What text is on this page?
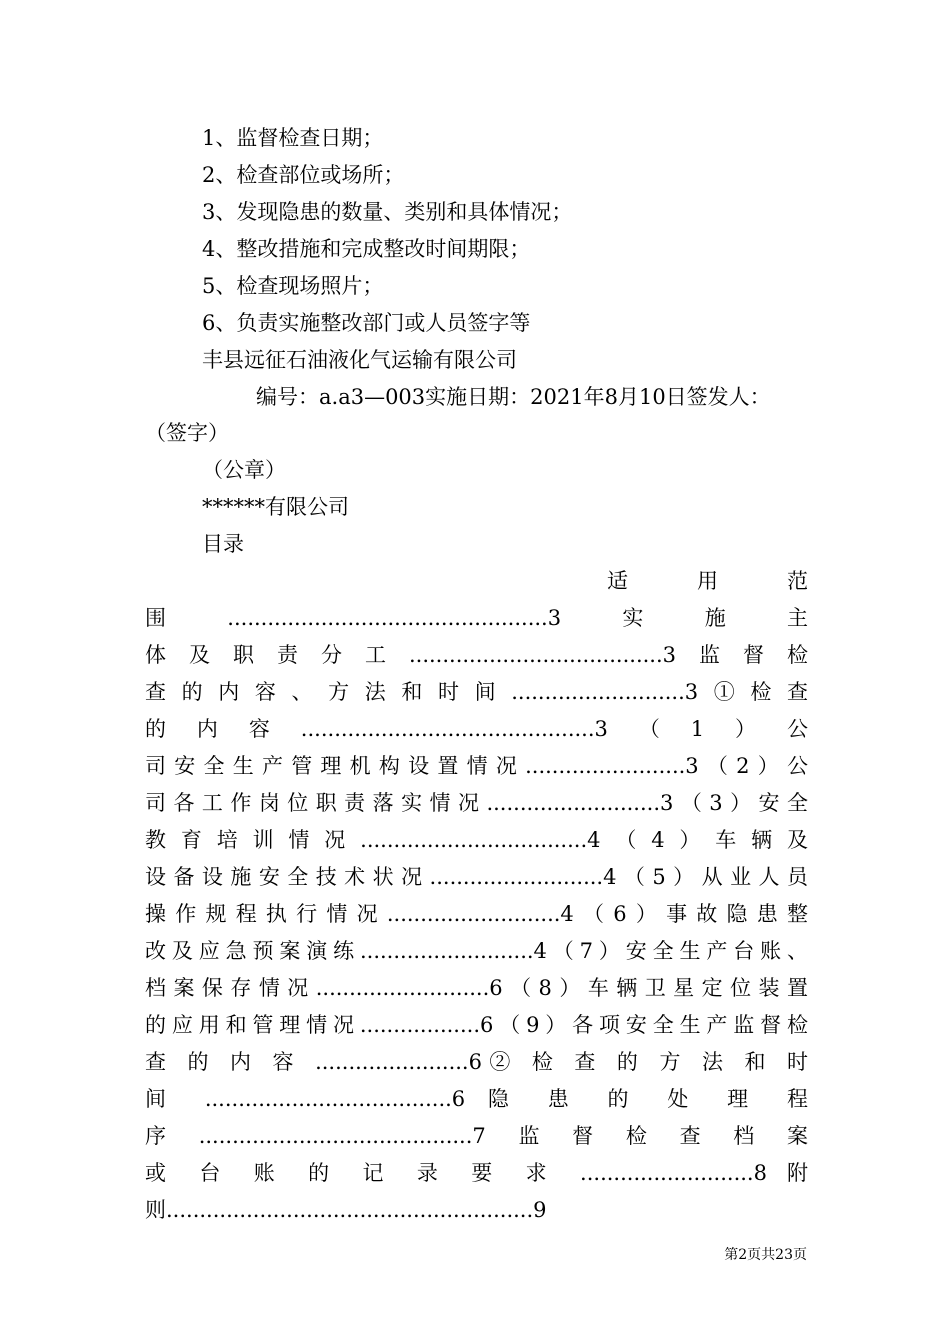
1、监督检查日期；

2、检查部位或场所；

3、发现隐患的数量、类别和具体情况；

4、整改措施和完成整改时间期限；

5、检查现场照片；

6、负责实施整改部门或人员签字等

丰县远征石油液化气运输有限公司

编号：a.a3—003实施日期：2021年8月10日签发人：

（签字）

（公章）

******有限公司

目录

适　　　用　　　范

围................................................3实施主

体及职责分工......................................3监督检

查的内容、方法和时间..........................3①检查

的内容............................................3（1）公

司安全生产管理机构设置情况........................3（2）公

司各工作岗位职责落实情况..........................3（3）安全

教育培训情况..................................4（4）车辆及

设备设施安全技术状况..........................4（5）从业人员

操作规程执行情况..........................4（6）事故隐患整

改及应急预案演练..........................4（7）安全生产台账、

档案保存情况..........................6（8）车辆卫星定位装置

的应用和管理情况..................6（9）各项安全生产监督检

查 的 内 容 .......................6② 检 查 的 方 法 和 时

间 .....................................6 隐 患 的 处 理 程

序.........................................7监督检查档案

或 台 账 的 记 录 要 求 ..........................8 附

则.......................................................9

第2页共23页
